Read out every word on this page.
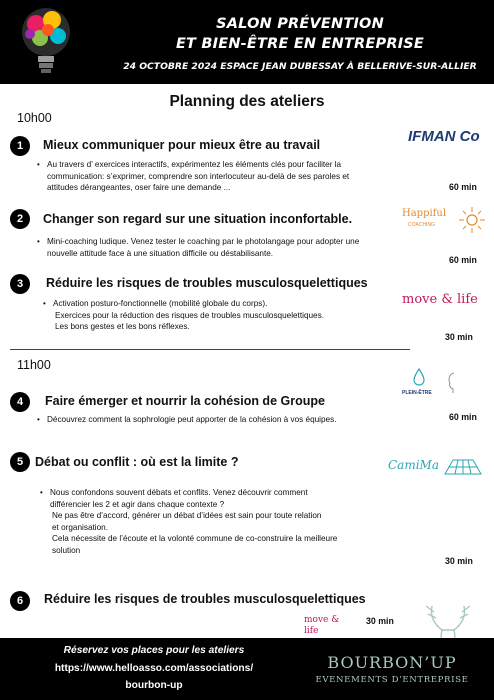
SALON PRÉVENTION
ET BIEN-ÊTRE EN ENTREPRISE
24 OCTOBRE 2024 ESPACE JEAN DUBESSAY À BELLERIVE-SUR-ALLIER
Planning des ateliers
10h00
1	Mieux communiquer pour mieux être au travail	IFMAN Co
• Au travers d’ exercices interactifs, expérimentez les éléments clés pour faciliter la
communication: s’exprimer, comprendre son interlocuteur au-delà de ses paroles et
attitudes dérangeantes, oser faire une demande ...	60 min
2	Changer son regard sur une situation inconfortable.	Happiful
COACHING
• Mini-coaching ludique. Venez tester le coaching par le photolangage pour adopter une
nouvelle attitude face à une situation difficile ou déstabilisante.
60 min
3	Réduire les risques de troubles musculosquelettiques
move & life
• Activation posturo-fonctionnelle (mobilité globale du corps).
Exercices pour la réduction des risques de troubles musculosquelettiques.
Les bons gestes et les bons réflexes.
30 min
11h00
4	Faire émerger et nourrir la cohésion de Groupe
PLEIN-ÊTRE
• Découvrez comment la sophrologie peut apporter de la cohésion à vos équipes.	60 min
5 Débat ou conflit : où est la limite ?	CamiMa
• Nous confondons souvent débats et conflits. Venez découvrir comment
différencier les 2 et agir dans chaque contexte ?
Ne pas être d’accord, générer un débat d’idées est sain pour toute relation
et organisation.
Cela nécessite de l’écoute et la volonté commune de co-construire la meilleure
solution
30 min
6	Réduire les risques de troubles musculosquelettiques
move & life
30 min
Réservez vos places pour les ateliers
https://www.helloasso.com/associations/
bourbon-up
BOURBON’UP
EVENEMENTS D’ENTREPRISE
